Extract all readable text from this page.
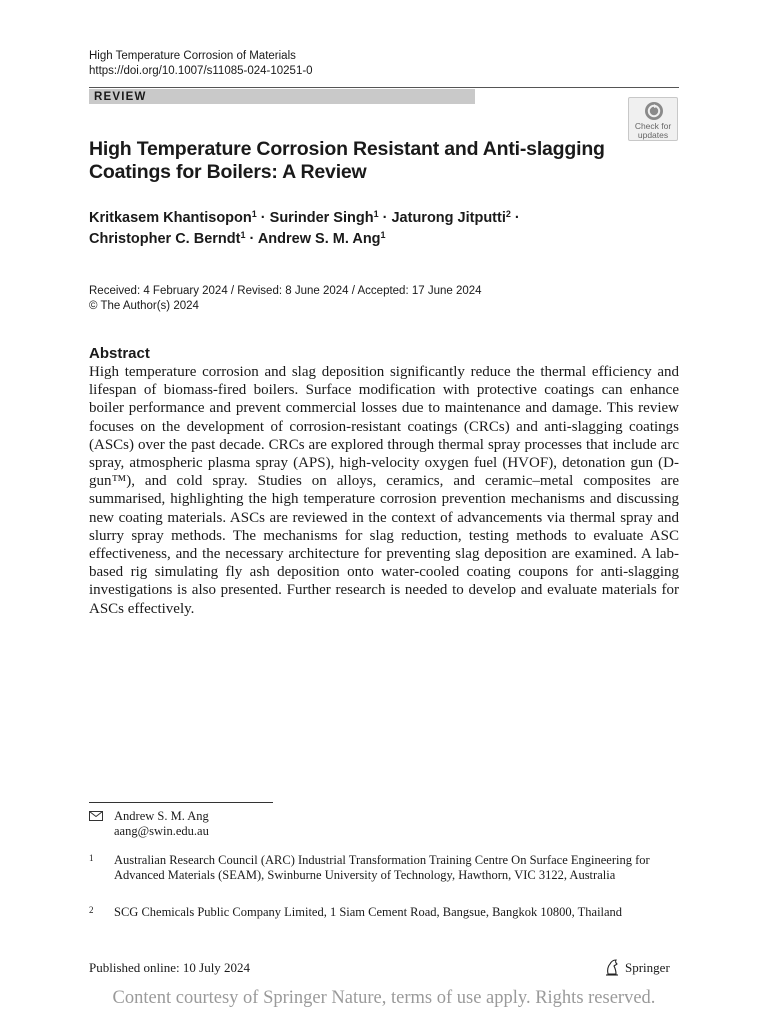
High Temperature Corrosion of Materials
https://doi.org/10.1007/s11085-024-10251-0
REVIEW
Check for
updates
High Temperature Corrosion Resistant and Anti-slagging Coatings for Boilers: A Review
Kritkasem Khantisopon$^1$ · Surinder Singh$^1$ · Jaturong Jitputti$^2$ ·
Christopher C. Berndt$^1$ · Andrew S. M. Ang$^1$
Received: 4 February 2024 / Revised: 8 June 2024 / Accepted: 17 June 2024
© The Author(s) 2024
Abstract
High temperature corrosion and slag deposition significantly reduce the thermal efficiency and lifespan of biomass-fired boilers. Surface modification with protective coatings can enhance boiler performance and prevent commercial losses due to maintenance and damage. This review focuses on the development of corrosion-resistant coatings (CRCs) and anti-slagging coatings (ASCs) over the past decade. CRCs are explored through thermal spray processes that include arc spray, atmospheric plasma spray (APS), high-velocity oxygen fuel (HVOF), detonation gun (D-gun™), and cold spray. Studies on alloys, ceramics, and ceramic–metal composites are summarised, highlighting the high temperature corrosion prevention mechanisms and discussing new coating materials. ASCs are reviewed in the context of advancements via thermal spray and slurry spray methods. The mechanisms for slag reduction, testing methods to evaluate ASC effectiveness, and the necessary architecture for preventing slag deposition are examined. A lab-based rig simulating fly ash deposition onto water-cooled coating coupons for anti-slagging investigations is also presented. Further research is needed to develop and evaluate materials for ASCs effectively.
Andrew S. M. Ang
aang@swin.edu.au
1 Australian Research Council (ARC) Industrial Transformation Training Centre On Surface Engineering for Advanced Materials (SEAM), Swinburne University of Technology, Hawthorn, VIC 3122, Australia
2 SCG Chemicals Public Company Limited, 1 Siam Cement Road, Bangsue, Bangkok 10800, Thailand
Published online: 10 July 2024	Springer
Content courtesy of Springer Nature, terms of use apply. Rights reserved.
